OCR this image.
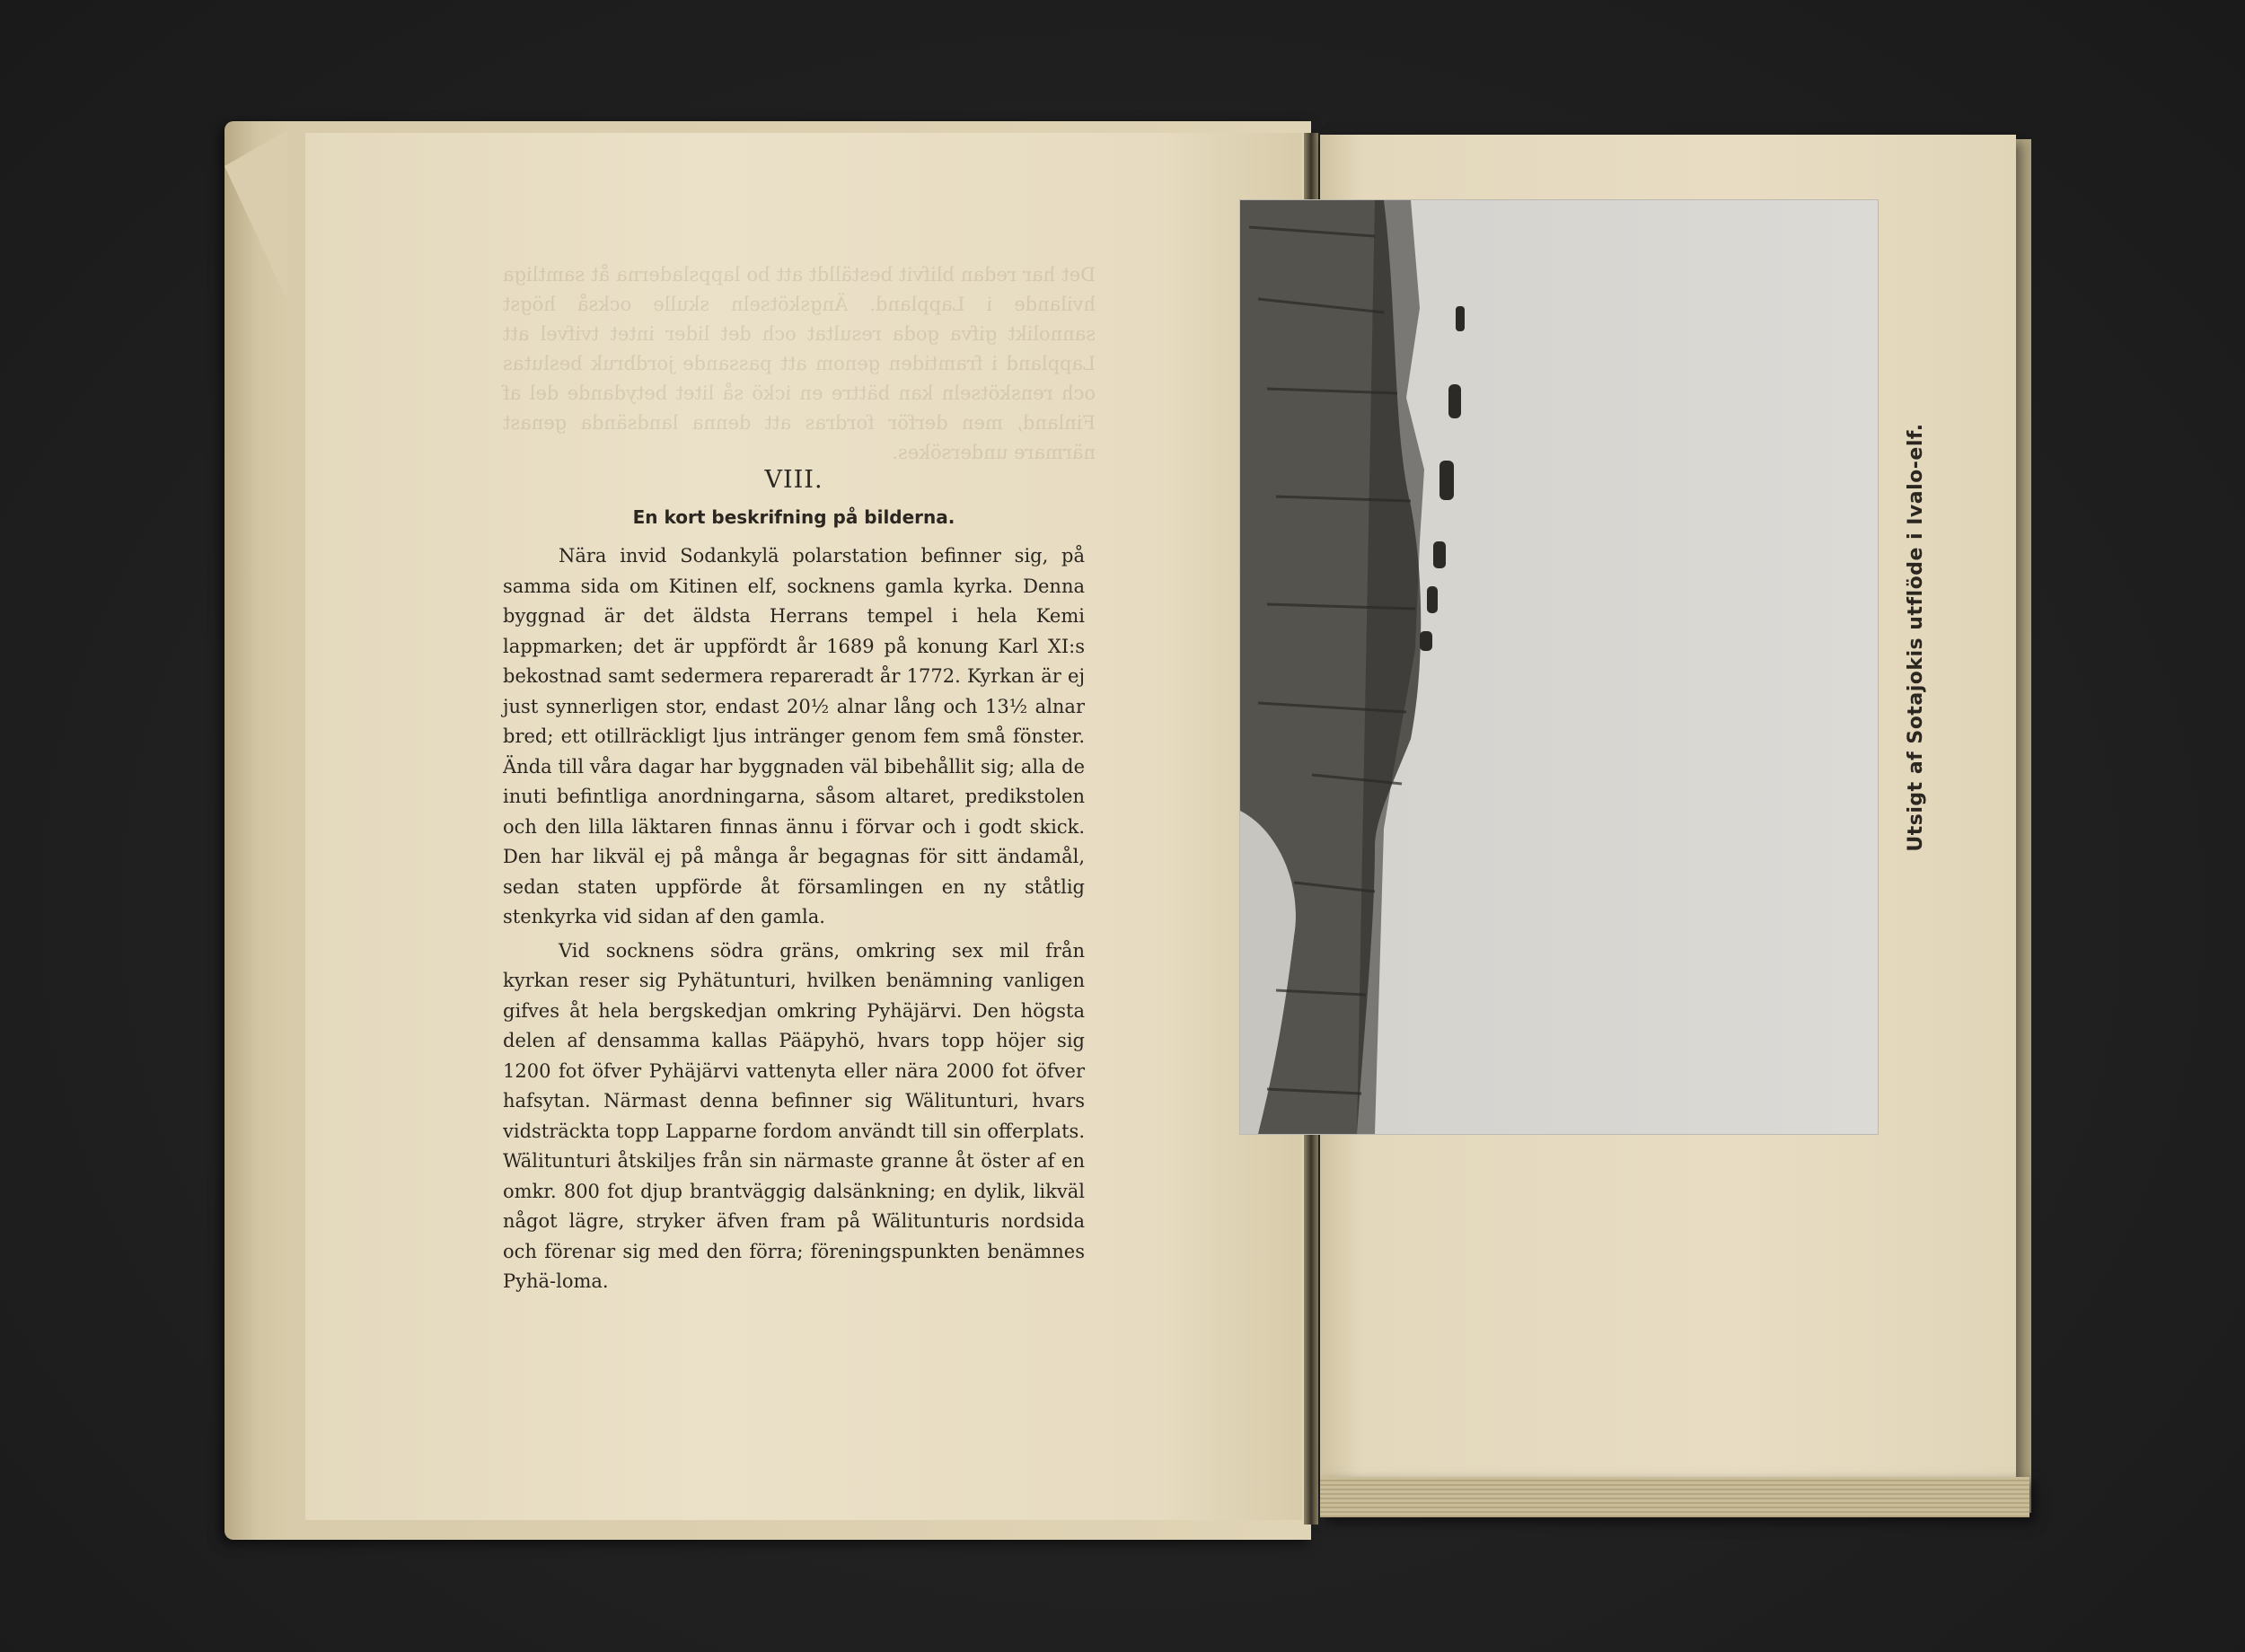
VIII.
En kort beskrifning på bilderna.

Nära invid Sodankylä polarstation befinner sig, på samma sida om Kitinen elf, socknens gamla kyrka. Denna byggnad är det äldsta Herrans tempel i hela Kemi lappmarken; det är uppfördt år 1689 på konung Karl XI:s bekostnad samt sedermera repareradt år 1772. Kyrkan är ej just synnerligen stor, endast 20½ alnar lång och 13½ alnar bred; ett otillräckligt ljus intränger genom fem små fönster. Ända till våra dagar har byggnaden väl bibehållit sig; alla de inuti befintliga anordningarna, såsom altaret, predikstolen och den lilla läktaren finnas ännu i förvar och i godt skick. Den har likväl ej på många år begagnas för sitt ändamål, sedan staten uppförde åt församlingen en ny ståtlig stenkyrka vid sidan af den gamla.

Vid socknens södra gräns, omkring sex mil från kyrkan reser sig Pyhätunturi, hvilken benämning vanligen gifves åt hela bergskedjan omkring Pyhäjärvi. Den högsta delen af densamma kallas Pääpyhö, hvars topp höjer sig 1200 fot öfver Pyhäjärvi vattenyta eller nära 2000 fot öfver hafsytan. Närmast denna befinner sig Wälitunturi, hvars vidsträckta topp Lapparne fordom användt till sin offerplats. Wälitunturi åtskiljes från sin närmaste granne åt öster af en omkr. 800 fot djup brantväggig dalsänkning; en dylik, likväl något lägre, stryker äfven fram på Wälitunturis nordsida och förenar sig med den förra; föreningspunkten benämnes Pyhä-loma.

Utsigt af Sotajokis utflöde i Ivalo-elf.
